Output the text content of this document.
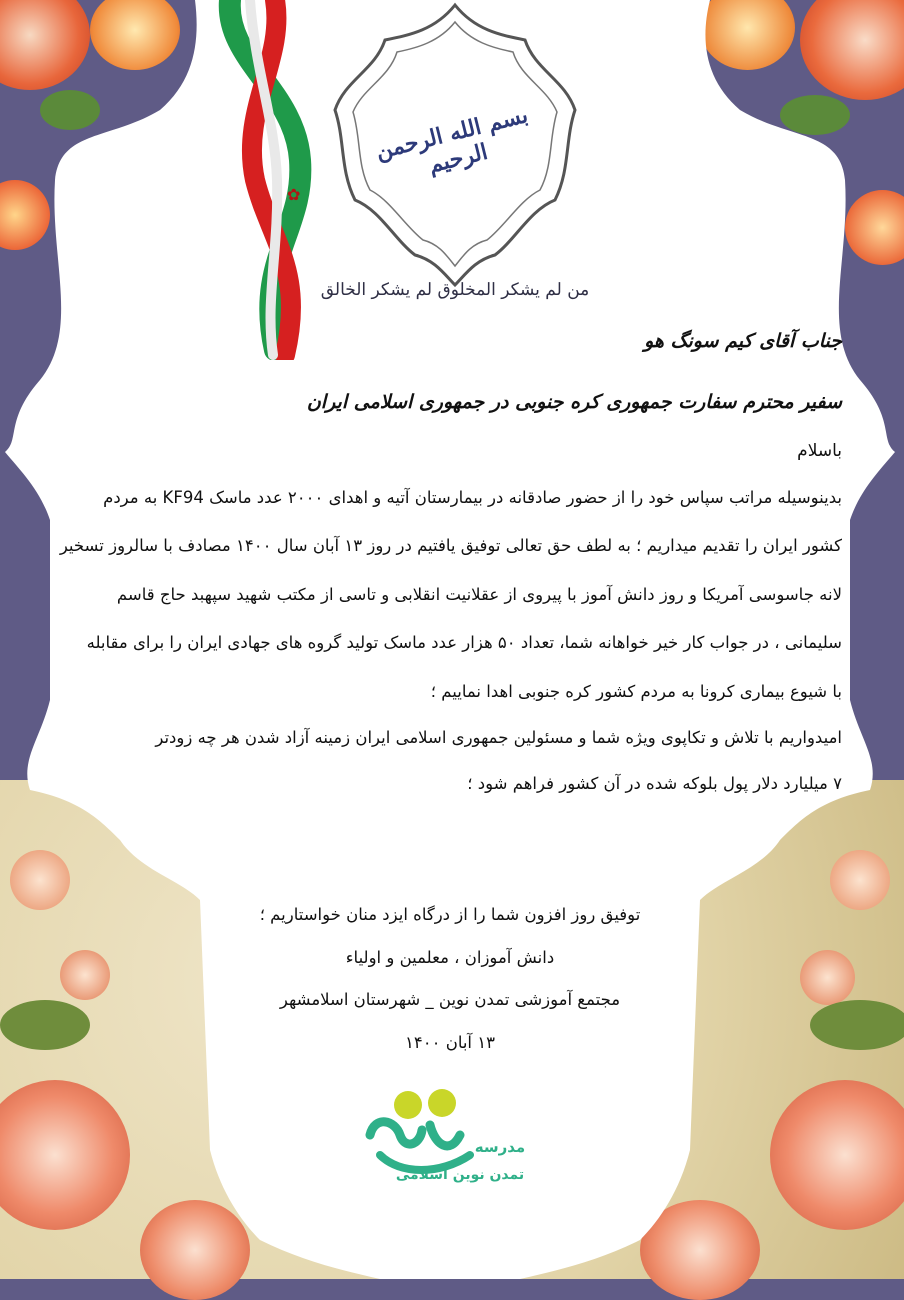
✿
بسم الله الرحمن الرحیم
من لم یشکر المخلوق لم یشکر الخالق
جناب آقای کیم سونگ هو
سفیر محترم سفارت جمهوری کره جنوبی در جمهوری اسلامی ایران
باسلام
بدینوسیله مراتب سپاس خود را از حضور صادقانه در بیمارستان آتیه و اهدای ۲۰۰۰ عدد ماسک KF94 به مردم
کشور ایران را تقدیم میداریم ؛ به لطف حق تعالی توفیق یافتیم در روز ۱۳ آبان سال ۱۴۰۰ مصادف با سالروز تسخیر
لانه جاسوسی آمریکا و روز دانش آموز با پیروی از عقلانیت انقلابی و تاسی از مکتب شهید سپهبد حاج قاسم
سلیمانی ، در جواب کار خیر خواهانه شما، تعداد ۵۰ هزار عدد ماسک تولید گروه های جهادی ایران را برای مقابله
با شیوع بیماری کرونا به مردم کشور کره جنوبی اهدا نماییم ؛
امیدواریم با تلاش و تکاپوی ویژه شما و مسئولین جمهوری اسلامی ایران زمینه آزاد شدن هر چه زودتر
۷ میلیارد دلار پول بلوکه شده در آن کشور فراهم شود ؛
توفیق روز افزون شما را از درگاه ایزد منان خواستاریم ؛
دانش آموزان ، معلمین و اولیاء
مجتمع آموزشی تمدن نوین _ شهرستان اسلامشهر
۱۳ آبان ۱۴۰۰
مدرسه
تمدن نوین اسلامی
